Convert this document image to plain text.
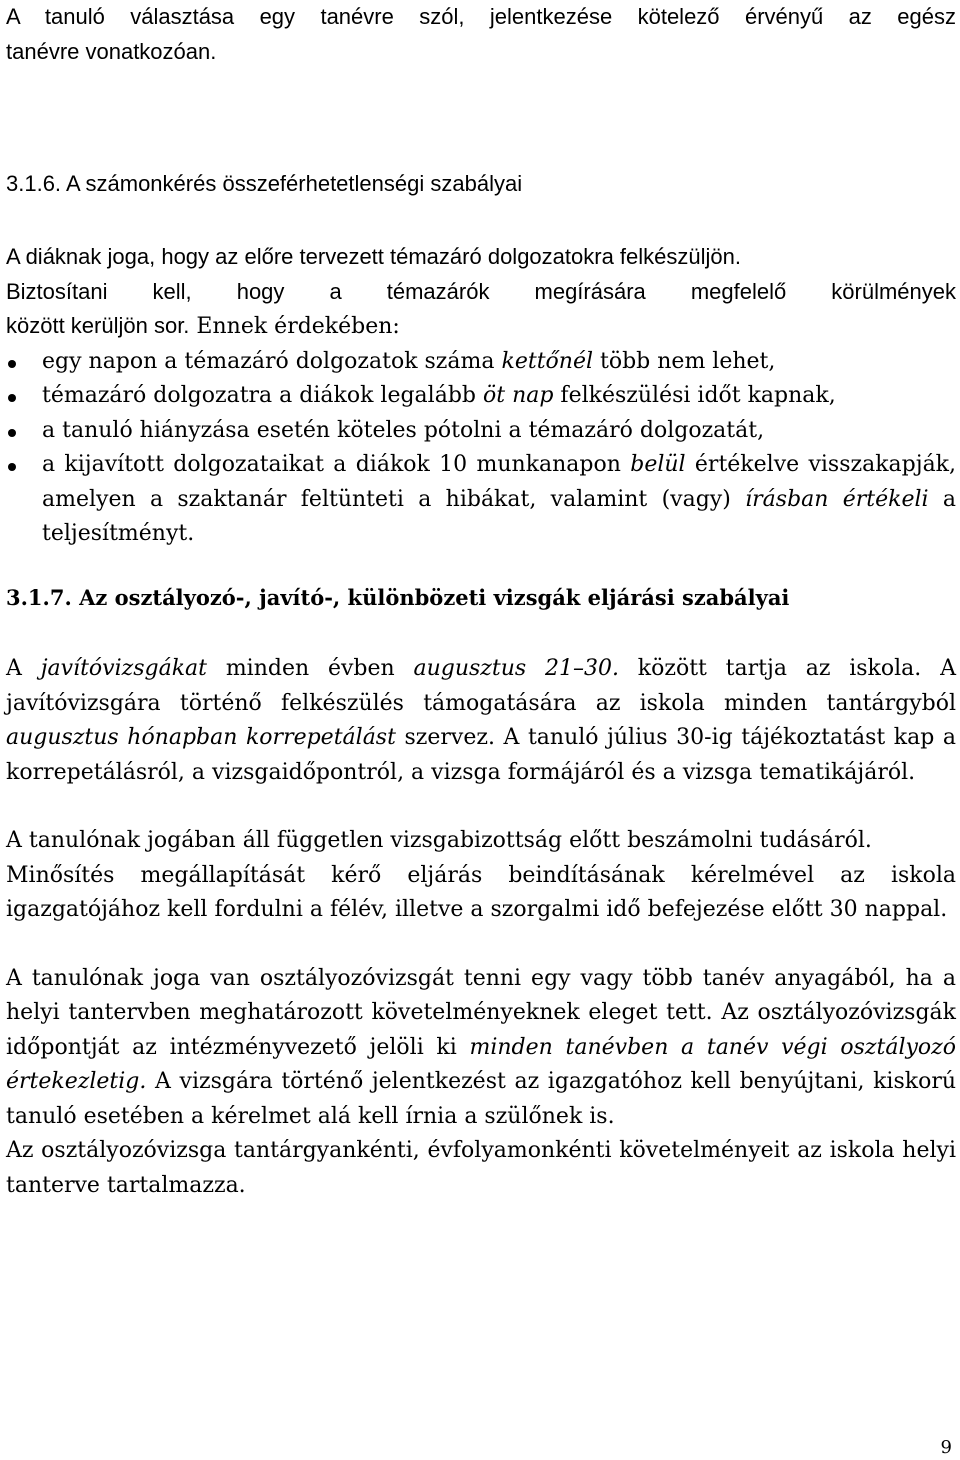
A tanuló választása egy tanévre szól, jelentkezése kötelező érvényű az egész
tanévre vonatkozóan.
3.1.6. A számonkérés összeférhetetlenségi szabályai
A diáknak joga, hogy az előre tervezett témazáró dolgozatokra felkészüljön.
Biztosítani kell, hogy a témazárók megírására megfelelő körülmények
között kerüljön sor. Ennek érdekében:
egy napon a témazáró dolgozatok száma kettőnél több nem lehet,
témazáró dolgozatra a diákok legalább öt nap felkészülési időt kapnak,
a tanuló hiányzása esetén köteles pótolni a témazáró dolgozatát,
a kijavított dolgozataikat a diákok 10 munkanapon belül értékelve visszakapják, amelyen a szaktanár feltünteti a hibákat, valamint (vagy) írásban értékeli a teljesítményt.
3.1.7. Az osztályozó-, javító-, különbözeti vizsgák eljárási szabályai

A javítóvizsgákat minden évben augusztus 21–30. között tartja az iskola. A javítóvizsgára történő felkészülés támogatására az iskola minden tantárgyból augusztus hónapban korrepetálást szervez. A tanuló július 30-ig tájékoztatást kap a korrepetálásról, a vizsgaidőpontról, a vizsga formájáról és a vizsga tematikájáról.

A tanulónak jogában áll független vizsgabizottság előtt beszámolni tudásáról.

Minősítés megállapítását kérő eljárás beindításának kérelmével az iskola igazgatójához kell fordulni a félév, illetve a szorgalmi idő befejezése előtt 30 nappal.

A tanulónak joga van osztályozóvizsgát tenni egy vagy több tanév anyagából, ha a helyi tantervben meghatározott követelményeknek eleget tett. Az osztályozóvizsgák időpontját az intézményvezető jelöli ki minden tanévben a tanév végi osztályozó értekezletig. A vizsgára történő jelentkezést az igazgatóhoz kell benyújtani, kiskorú tanuló esetében a kérelmet alá kell írnia a szülőnek is.

Az osztályozóvizsga tantárgyankénti, évfolyamonkénti követelményeit az iskola helyi tanterve tartalmazza.

9
